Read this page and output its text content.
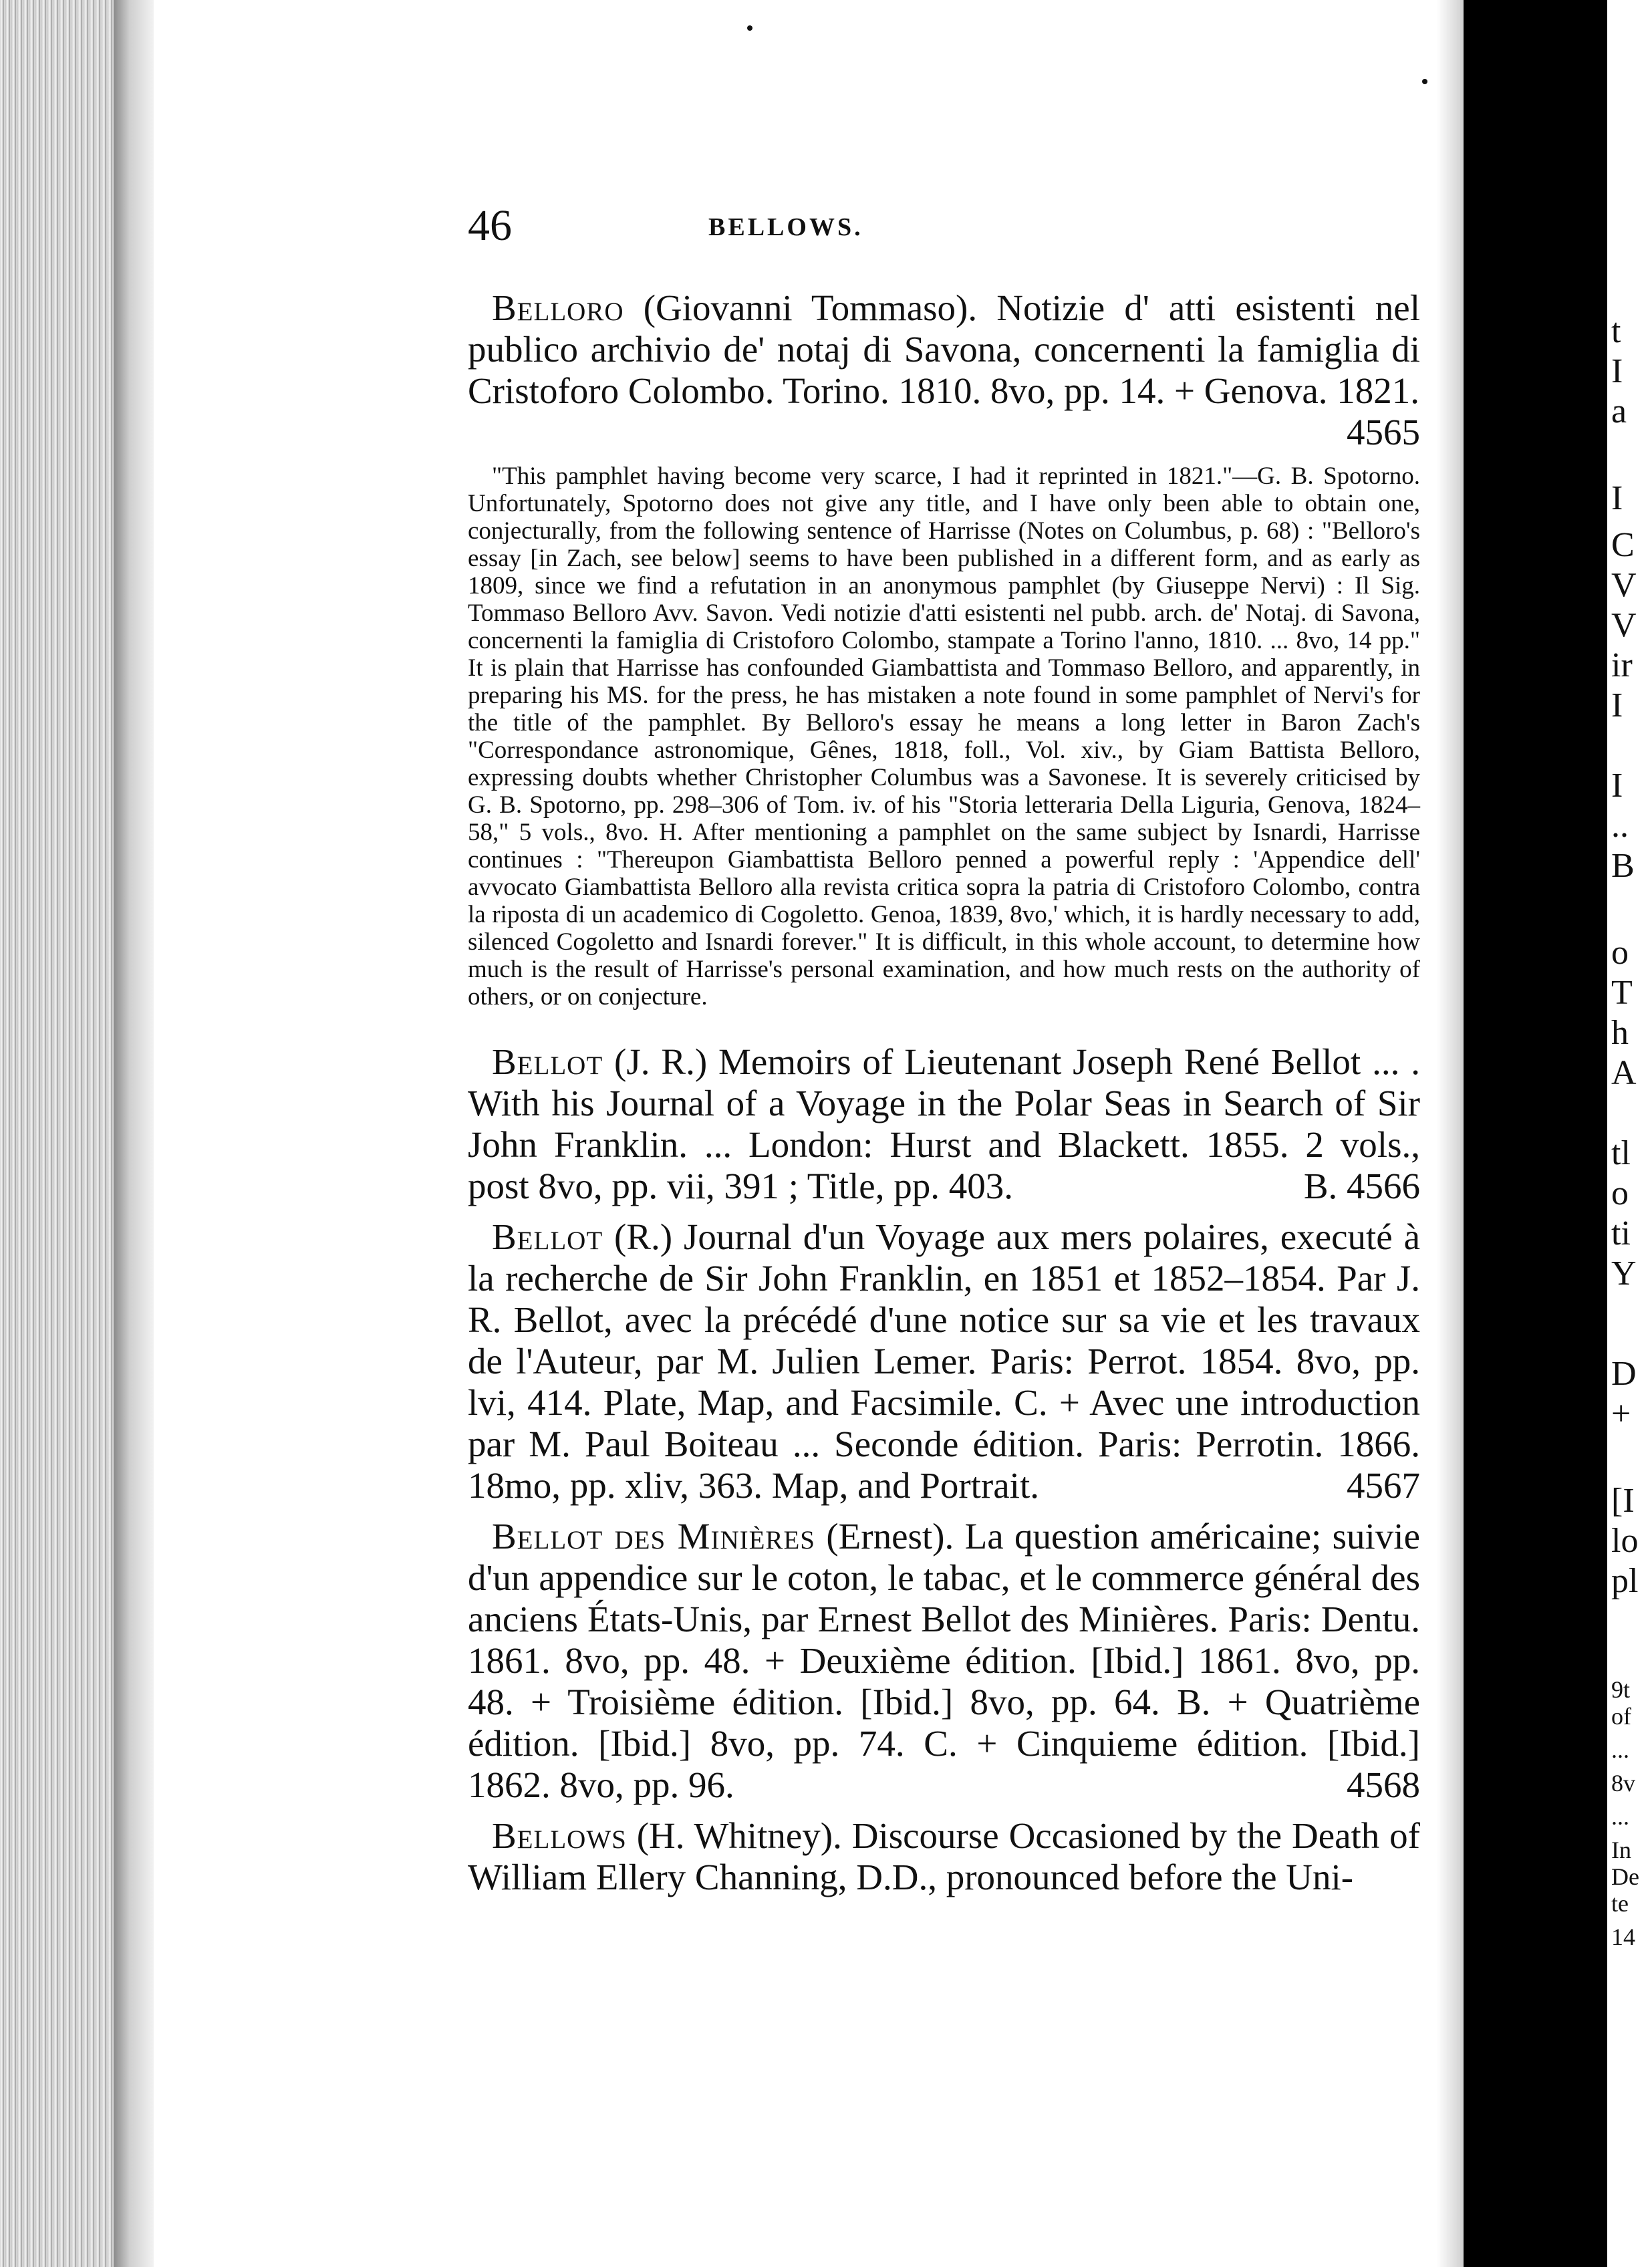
46	BELLOWS.
Belloro (Giovanni Tommaso). Notizie d' atti esistenti nel publico archivio de' notaj di Savona, concernenti la famiglia di Cristoforo Colombo. Torino. 1810. 8vo, pp. 14. + Genova. 1821.
4565
"This pamphlet having become very scarce, I had it reprinted in 1821."—G. B. Spotorno. Unfortunately, Spotorno does not give any title, and I have only been able to obtain one, conjecturally, from the following sentence of Harrisse (Notes on Columbus, p. 68) : "Belloro's essay [in Zach, see below] seems to have been published in a different form, and as early as 1809, since we find a refutation in an anonymous pamphlet (by Giuseppe Nervi) : Il Sig. Tommaso Belloro Avv. Savon. Vedi notizie d'atti esistenti nel pubb. arch. de' Notaj. di Savona, concernenti la famiglia di Cristoforo Colombo, stampate a Torino l'anno, 1810. ... 8vo, 14 pp." It is plain that Harrisse has confounded Giambattista and Tommaso Belloro, and apparently, in preparing his MS. for the press, he has mistaken a note found in some pamphlet of Nervi's for the title of the pamphlet. By Belloro's essay he means a long letter in Baron Zach's "Correspondance astronomique, Gênes, 1818, foll., Vol. xiv., by Giam Battista Belloro, expressing doubts whether Christopher Columbus was a Savonese. It is severely criticised by G. B. Spotorno, pp. 298–306 of Tom. iv. of his "Storia letteraria Della Liguria, Genova, 1824–58," 5 vols., 8vo. H. After mentioning a pamphlet on the same subject by Isnardi, Harrisse continues : "Thereupon Giambattista Belloro penned a powerful reply : 'Appendice dell' avvocato Giambattista Belloro alla revista critica sopra la patria di Cristoforo Colombo, contra la riposta di un academico di Cogoletto. Genoa, 1839, 8vo,' which, it is hardly necessary to add, silenced Cogoletto and Isnardi forever." It is difficult, in this whole account, to determine how much is the result of Harrisse's personal examination, and how much rests on the authority of others, or on conjecture.
Bellot (J. R.) Memoirs of Lieutenant Joseph René Bellot ... . With his Journal of a Voyage in the Polar Seas in Search of Sir John Franklin. ... London: Hurst and Blackett. 1855. 2 vols., post 8vo, pp. vii, 391 ; Title, pp. 403.	B. 4566
Bellot (R.) Journal d'un Voyage aux mers polaires, executé à la recherche de Sir John Franklin, en 1851 et 1852–1854. Par J. R. Bellot, avec la précédé d'une notice sur sa vie et les travaux de l'Auteur, par M. Julien Lemer. Paris: Perrot. 1854. 8vo, pp. lvi, 414. Plate, Map, and Facsimile. C. + Avec une introduction par M. Paul Boiteau ... Seconde édition. Paris: Perrotin. 1866. 18mo, pp. xliv, 363. Map, and Portrait.	4567
Bellot des Minières (Ernest). La question américaine; suivie d'un appendice sur le coton, le tabac, et le commerce général des anciens États-Unis, par Ernest Bellot des Minières. Paris: Dentu. 1861. 8vo, pp. 48. + Deuxième édition. [Ibid.] 1861. 8vo, pp. 48. + Troisième édition. [Ibid.] 8vo, pp. 64. B. + Quatrième édition. [Ibid.] 8vo, pp. 74. C. + Cinquieme édition. [Ibid.] 1862. 8vo, pp. 96.	4568
Bellows (H. Whitney). Discourse Occasioned by the Death of William Ellery Channing, D.D., pronounced before the Uni-
t
I
a
I
C
V
V
ir
I
I
..
B
o
T
h
A
tl
o
ti
Y
D
+
[I
lo
pl
9t
of
...
8v
...
In
De
te
14
